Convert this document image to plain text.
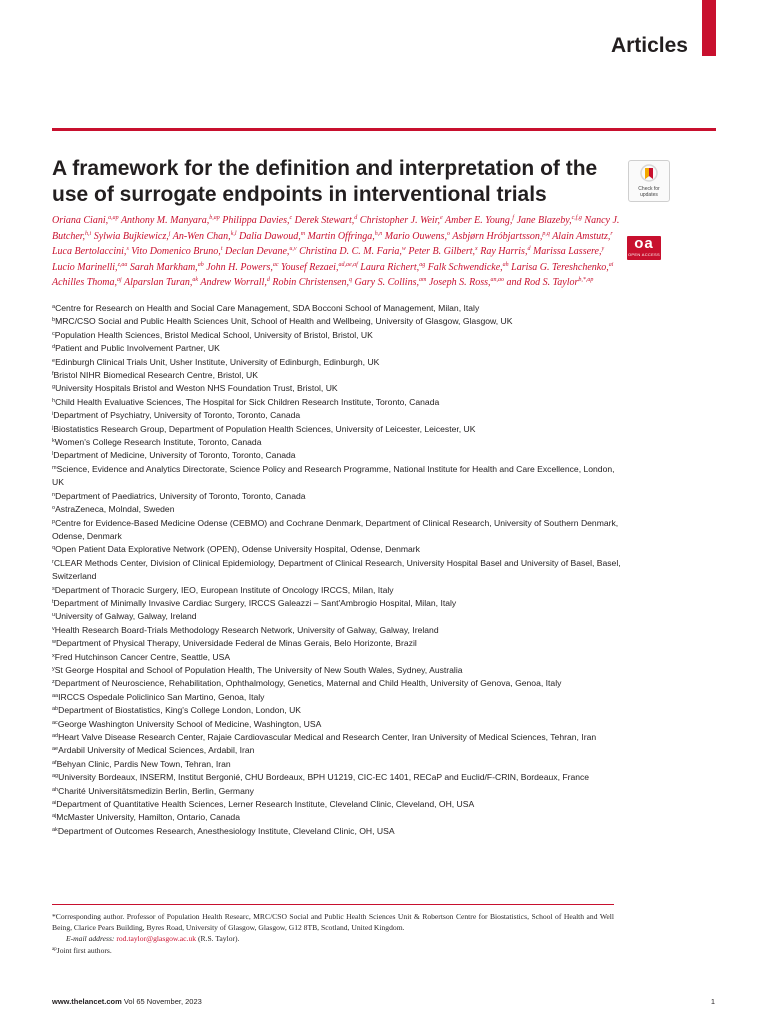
Articles
A framework for the definition and interpretation of the use of surrogate endpoints in interventional trials	Check for updates
oa
OPEN ACCESS
Oriana Ciani,$^{a,ap}$ Anthony M. Manyara,$^{b,ap}$ Philippa Davies,$^c$ Derek Stewart,$^d$ Christopher J. Weir,$^e$ Amber E. Young,$^f$ Jane Blazeby,$^{c,f,g}$ Nancy J. Butcher,$^{h,i}$ Sylwia Bujkiewicz,$^j$ An-Wen Chan,$^{k,l}$ Dalia Dawoud,$^m$ Martin Offringa,$^{h,n}$ Mario Ouwens,$^o$ Asbjørn Hróbjartsson,$^{p,q}$ Alain Amstutz,$^r$ Luca Bertolaccini,$^s$ Vito Domenico Bruno,$^t$ Declan Devane,$^{u,v}$ Christina D. C. M. Faria,$^w$ Peter B. Gilbert,$^x$ Ray Harris,$^d$ Marissa Lassere,$^y$ Lucio Marinelli,$^{z,aa}$ Sarah Markham,$^{ab}$ John H. Powers,$^{ac}$ Yousef Rezaei,$^{ad,ae,af}$ Laura Richert,$^{ag}$ Falk Schwendicke,$^{ah}$ Larisa G. Tereshchenko,$^{ai}$ Achilles Thoma,$^{aj}$ Alparslan Turan,$^{ak}$ Andrew Worrall,$^d$ Robin Christensen,$^q$ Gary S. Collins,$^{am}$ Joseph S. Ross,$^{an,ao}$ and Rod S. Taylor$^{b,*,ap}$
$^a$Centre for Research on Health and Social Care Management, SDA Bocconi School of Management, Milan, Italy
$^b$MRC/CSO Social and Public Health Sciences Unit, School of Health and Wellbeing, University of Glasgow, Glasgow, UK
$^c$Population Health Sciences, Bristol Medical School, University of Bristol, Bristol, UK
$^d$Patient and Public Involvement Partner, UK
$^e$Edinburgh Clinical Trials Unit, Usher Institute, University of Edinburgh, Edinburgh, UK
$^f$Bristol NIHR Biomedical Research Centre, Bristol, UK
$^g$University Hospitals Bristol and Weston NHS Foundation Trust, Bristol, UK
$^h$Child Health Evaluative Sciences, The Hospital for Sick Children Research Institute, Toronto, Canada
$^i$Department of Psychiatry, University of Toronto, Toronto, Canada
$^j$Biostatistics Research Group, Department of Population Health Sciences, University of Leicester, Leicester, UK
$^k$Women's College Research Institute, Toronto, Canada
$^l$Department of Medicine, University of Toronto, Toronto, Canada
$^m$Science, Evidence and Analytics Directorate, Science Policy and Research Programme, National Institute for Health and Care Excellence, London, UK
$^n$Department of Paediatrics, University of Toronto, Toronto, Canada
$^o$AstraZeneca, Molndal, Sweden
$^p$Centre for Evidence-Based Medicine Odense (CEBMO) and Cochrane Denmark, Department of Clinical Research, University of Southern Denmark, Odense, Denmark
$^q$Open Patient Data Explorative Network (OPEN), Odense University Hospital, Odense, Denmark
$^r$CLEAR Methods Center, Division of Clinical Epidemiology, Department of Clinical Research, University Hospital Basel and University of Basel, Basel, Switzerland
$^s$Department of Thoracic Surgery, IEO, European Institute of Oncology IRCCS, Milan, Italy
$^t$Department of Minimally Invasive Cardiac Surgery, IRCCS Galeazzi – Sant'Ambrogio Hospital, Milan, Italy
$^u$University of Galway, Galway, Ireland
$^v$Health Research Board-Trials Methodology Research Network, University of Galway, Galway, Ireland
$^w$Department of Physical Therapy, Universidade Federal de Minas Gerais, Belo Horizonte, Brazil
$^x$Fred Hutchinson Cancer Centre, Seattle, USA
$^y$St George Hospital and School of Population Health, The University of New South Wales, Sydney, Australia
$^z$Department of Neuroscience, Rehabilitation, Ophthalmology, Genetics, Maternal and Child Health, University of Genova, Genoa, Italy
$^{aa}$IRCCS Ospedale Policlinico San Martino, Genoa, Italy
$^{ab}$Department of Biostatistics, King's College London, London, UK
$^{ac}$George Washington University School of Medicine, Washington, USA
$^{ad}$Heart Valve Disease Research Center, Rajaie Cardiovascular Medical and Research Center, Iran University of Medical Sciences, Tehran, Iran
$^{ae}$Ardabil University of Medical Sciences, Ardabil, Iran
$^{af}$Behyan Clinic, Pardis New Town, Tehran, Iran
$^{ag}$University Bordeaux, INSERM, Institut Bergonié, CHU Bordeaux, BPH U1219, CIC-EC 1401, RECaP and Euclid/F-CRIN, Bordeaux, France
$^{ah}$Charité Universitätsmedizin Berlin, Berlin, Germany
$^{ai}$Department of Quantitative Health Sciences, Lerner Research Institute, Cleveland Clinic, Cleveland, OH, USA
$^{aj}$McMaster University, Hamilton, Ontario, Canada
$^{ak}$Department of Outcomes Research, Anesthesiology Institute, Cleveland Clinic, OH, USA

*Corresponding author. Professor of Population Health Researc, MRC/CSO Social and Public Health Sciences Unit & Robertson Centre for Biostatistics, School of Health and Well Being, Clarice Pears Building, Byres Road, University of Glasgow, Glasgow, G12 8TB, Scotland, United Kingdom.

E-mail address: rod.taylor@glasgow.ac.uk (R.S. Taylor).

$^{ap}$Joint first authors.

www.thelancet.com Vol 65 November, 2023	1
